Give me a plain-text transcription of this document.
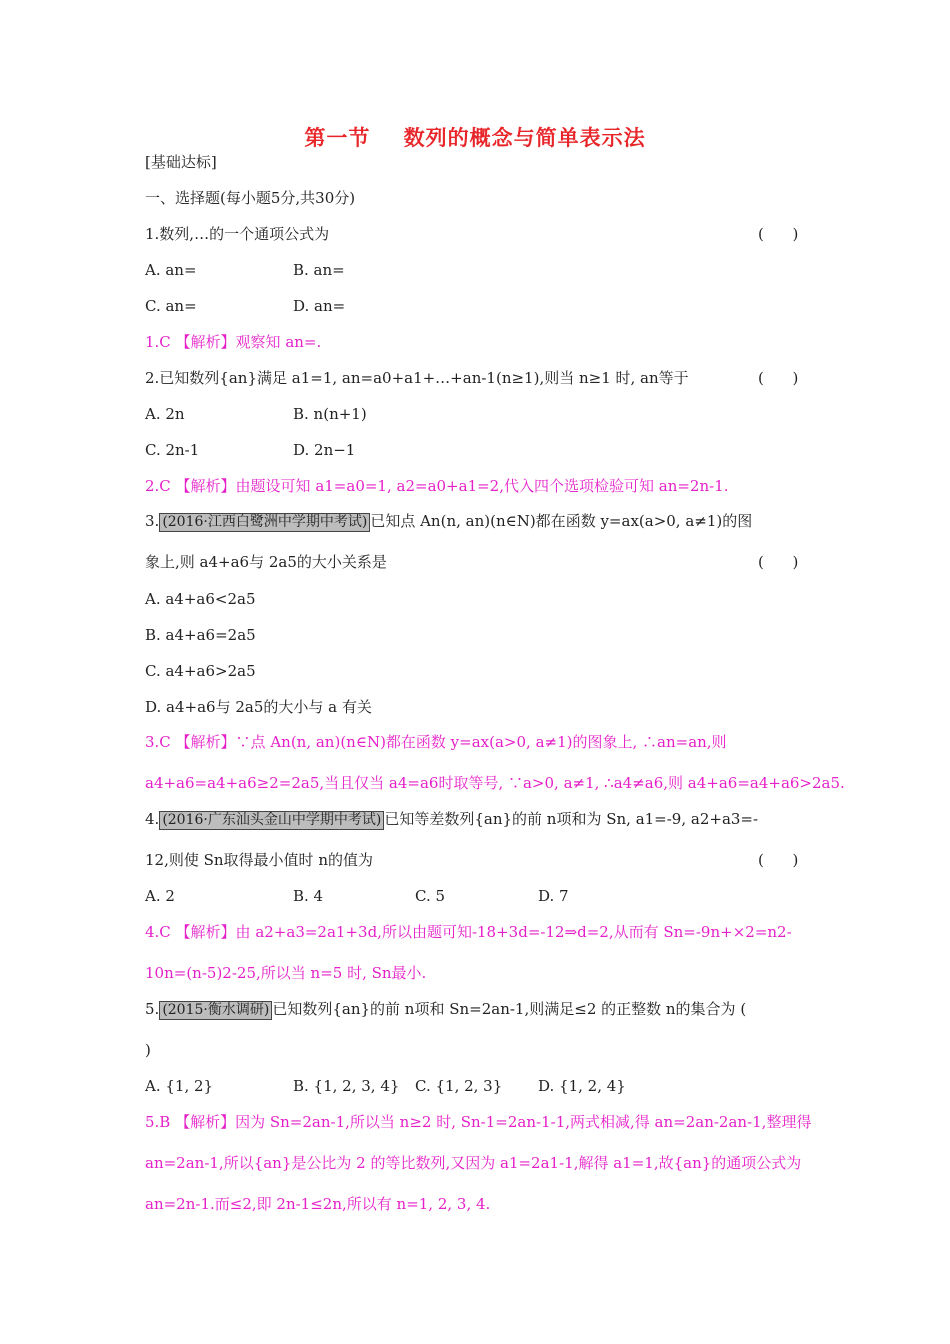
第一节    数列的概念与简单表示法
[基础达标]
一、选择题(每小题5分,共30分)
1.数列,…的一个通项公式为	(      )
A. an=	B. an=
C. an=	D. an=
1.C 【解析】观察知 an=.
2.已知数列{an}满足 a1=1, an=a0+a1+…+an-1(n≥1),则当 n≥1 时, an等于	(      )
A. 2n	B. n(n+1)
C. 2n-1	D. 2n−1
2.C 【解析】由题设可知 a1=a0=1, a2=a0+a1=2,代入四个选项检验可知 an=2n-1.
3. (2016·江西白鹭洲中学期中考试) 已知点 An(n, an)(n∈N)都在函数 y=ax(a>0, a≠1)的图
象上,则 a4+a6与 2a5的大小关系是	(      )
A. a4+a6<2a5
B. a4+a6=2a5
C. a4+a6>2a5
D. a4+a6与 2a5的大小与 a 有关
3.C 【解析】∵点 An(n, an)(n∈N)都在函数 y=ax(a>0, a≠1)的图象上, ∴an=an,则
a4+a6=a4+a6≥2=2a5,当且仅当 a4=a6时取等号, ∵a>0, a≠1, ∴a4≠a6,则 a4+a6=a4+a6>2a5.
4. (2016·广东汕头金山中学期中考试) 已知等差数列{an}的前 n项和为 Sn, a1=-9, a2+a3=-
12,则使 Sn取得最小值时 n的值为	(      )
A. 2	B. 4	C. 5	D. 7
4.C 【解析】由 a2+a3=2a1+3d,所以由题可知-18+3d=-12⇒d=2,从而有 Sn=-9n+×2=n2-
10n=(n-5)2-25,所以当 n=5 时, Sn最小.
5. (2015·衡水调研) 已知数列{an}的前 n项和 Sn=2an-1,则满足≤2 的正整数 n的集合为 (
)
A. {1, 2}	B. {1, 2, 3, 4} C. {1, 2, 3} D. {1, 2, 4}
5.B 【解析】因为 Sn=2an-1,所以当 n≥2 时, Sn-1=2an-1-1,两式相减,得 an=2an-2an-1,整理得
an=2an-1,所以{an}是公比为 2 的等比数列,又因为 a1=2a1-1,解得 a1=1,故{an}的通项公式为
an=2n-1.而≤2,即 2n-1≤2n,所以有 n=1, 2, 3, 4.
